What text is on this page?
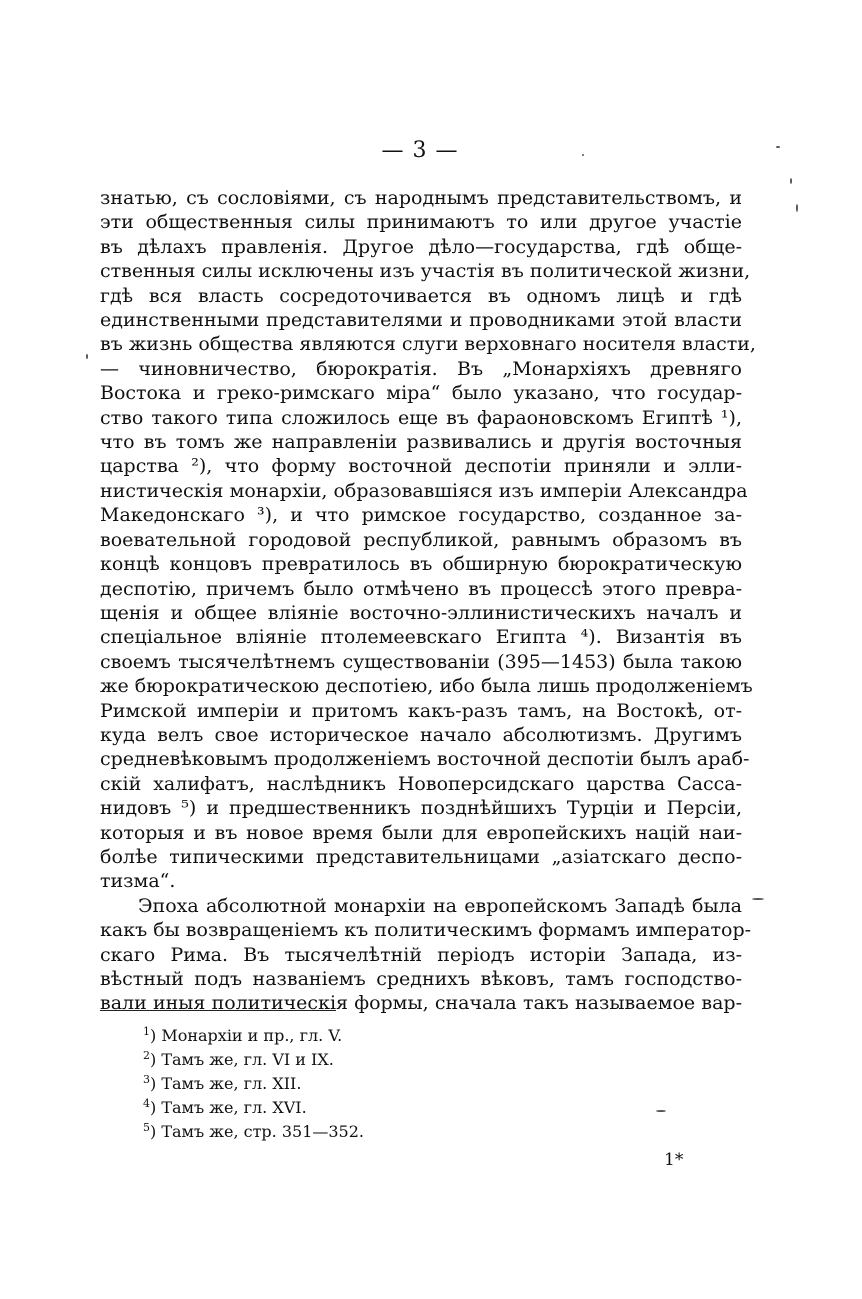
— 3 —
знатью, съ сословіями, съ народнымъ представительствомъ, и
эти общественныя силы принимаютъ то или другое участіе
въ дѣлахъ правленія. Другое дѣло—государства, гдѣ обще-
ственныя силы исключены изъ участія въ политической жизни,
гдѣ вся власть сосредоточивается въ одномъ лицѣ и гдѣ
единственными представителями и проводниками этой власти
въ жизнь общества являются слуги верховнаго носителя власти,
— чиновничество, бюрократія. Въ „Монархіяхъ древняго
Востока и греко-римскаго міра“ было указано, что государ-
ство такого типа сложилось еще въ фараоновскомъ Египтѣ ¹),
что въ томъ же направленіи развивались и другія восточныя
царства ²), что форму восточной деспотіи приняли и элли-
нистическія монархіи, образовавшіяся изъ имперіи Александра
Македонскаго ³), и что римское государство, созданное за-
воевательной городовой республикой, равнымъ образомъ въ
концѣ концовъ превратилось въ обширную бюрократическую
деспотію, причемъ было отмѣчено въ процессѣ этого превра-
щенія и общее вліяніе восточно-эллинистическихъ началъ и
спеціальное вліяніе птолемеевскаго Египта ⁴). Византія въ
своемъ тысячелѣтнемъ существованіи (395—1453) была такою
же бюрократическою деспотіею, ибо была лишь продолженіемъ
Римской имперіи и притомъ какъ-разъ тамъ, на Востокѣ, от-
куда велъ свое историческое начало абсолютизмъ. Другимъ
средневѣковымъ продолженіемъ восточной деспотіи былъ араб-
скій халифатъ, наслѣдникъ Новоперсидскаго царства Сасса-
нидовъ ⁵) и предшественникъ позднѣйшихъ Турціи и Персіи,
которыя и въ новое время были для европейскихъ націй наи-
болѣе типическими представительницами „азіатскаго деспо-
тизма“.
Эпоха абсолютной монархіи на европейскомъ Западѣ была
какъ бы возвращеніемъ къ политическимъ формамъ император-
скаго Рима. Въ тысячелѣтній періодъ исторіи Запада, из-
вѣстный подъ названіемъ среднихъ вѣковъ, тамъ господство-
вали иныя политическія формы, сначала такъ называемое вар-
$^1$) Монархіи и пр., гл. V.
$^2$) Тамъ же, гл. VI и IX.
$^3$) Тамъ же, гл. XII.
$^4$) Тамъ же, гл. XVI.
$^5$) Тамъ же, стр. 351—352.
1*
